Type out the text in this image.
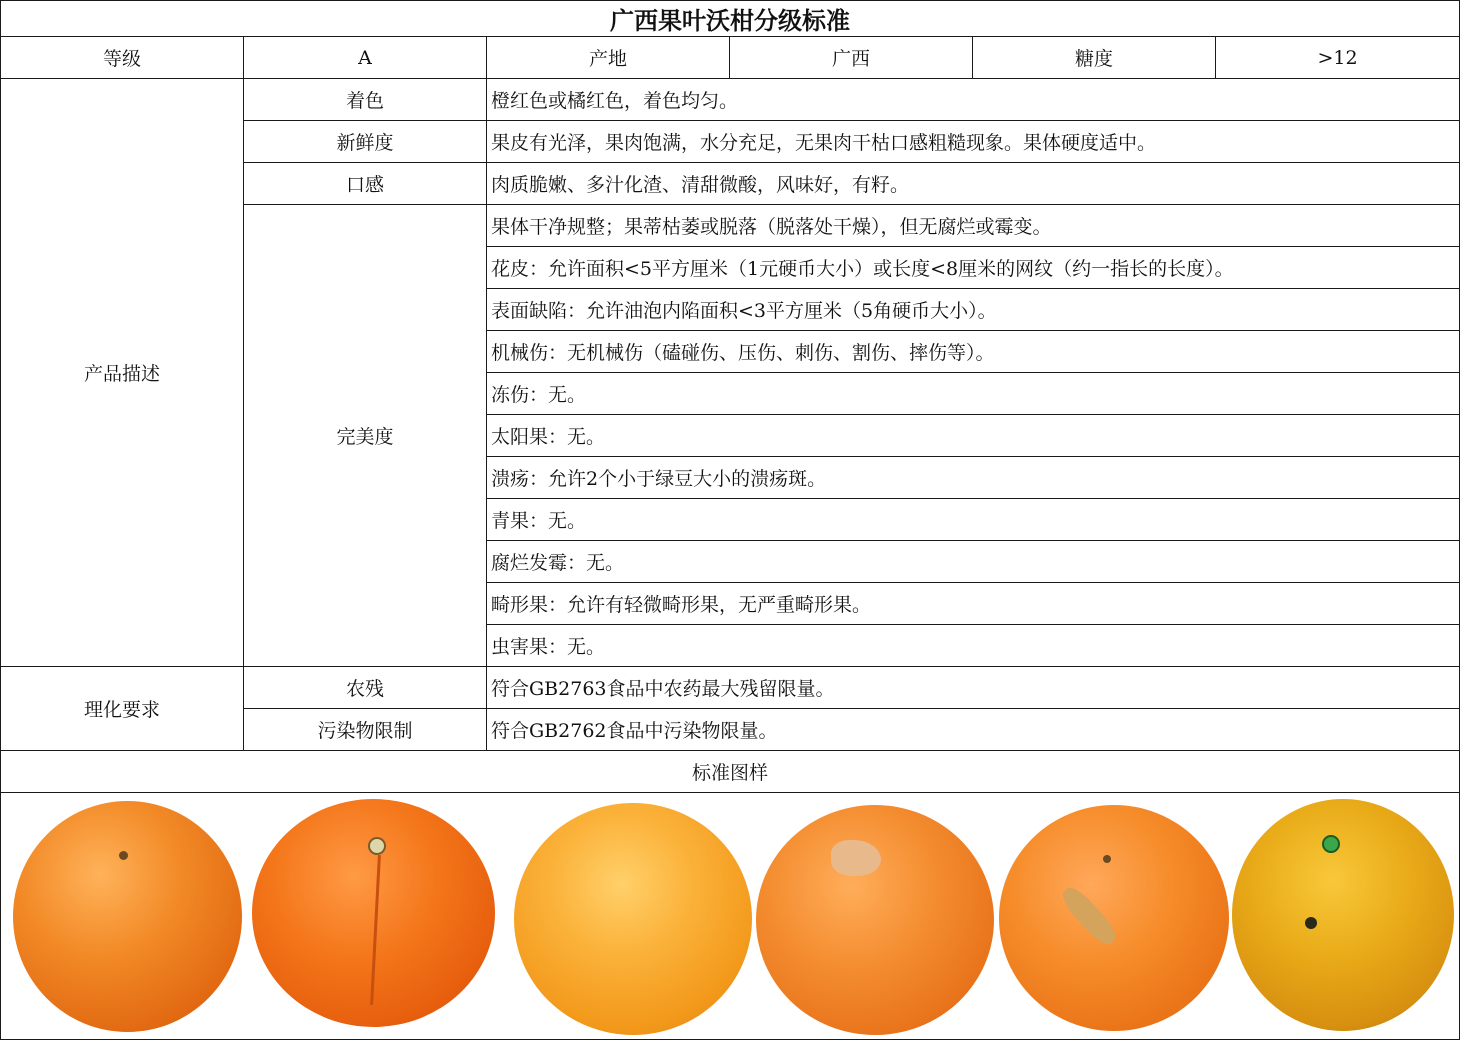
广西果叶沃柑分级标准					
等级	A	产地	广西	糖度	>12
产品描述	着色	橙红色或橘红色，着色均匀。			
	新鲜度	果皮有光泽，果肉饱满，水分充足，无果肉干枯口感粗糙现象。果体硬度适中。			
	口感	肉质脆嫩、多汁化渣、清甜微酸，风味好，有籽。			
	完美度	果体干净规整；果蒂枯萎或脱落（脱落处干燥），但无腐烂或霉变。			
		花皮：允许面积<5平方厘米（1元硬币大小）或长度<8厘米的网纹（约一指长的长度）。			
		表面缺陷：允许油泡内陷面积<3平方厘米（5角硬币大小）。			
		机械伤：无机械伤（磕碰伤、压伤、刺伤、割伤、摔伤等）。			
		冻伤：无。			
		太阳果：无。			
		溃疡：允许2个小于绿豆大小的溃疡斑。			
		青果：无。			
		腐烂发霉：无。			
		畸形果：允许有轻微畸形果，无严重畸形果。			
		虫害果：无。			
理化要求	农残	符合GB2763食品中农药最大残留限量。			
	污染物限制	符合GB2762食品中污染物限量。			
标准图样					
